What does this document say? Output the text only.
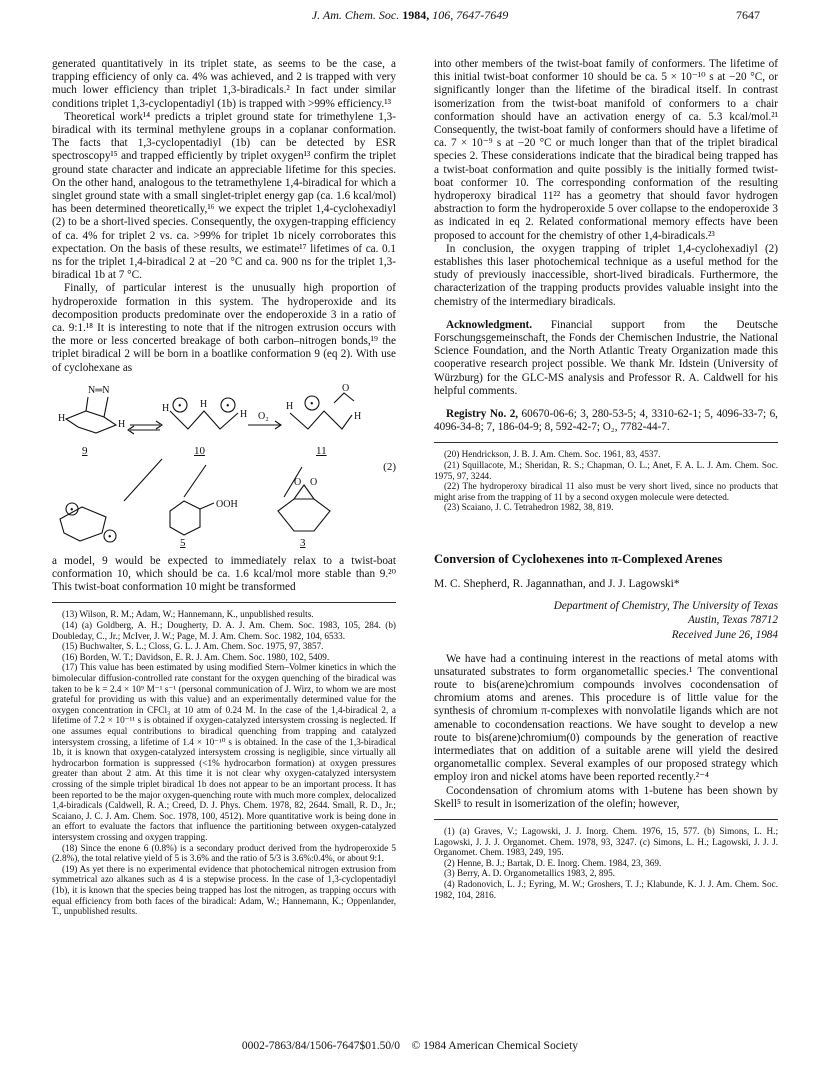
J. Am. Chem. Soc. 1984, 106, 7647-7649	7647

generated quantitatively in its triplet state, as seems to be the case, a trapping efficiency of only ca. 4% was achieved, and 2 is trapped with very much lower efficiency than triplet 1,3-biradicals.² In fact under similar conditions triplet 1,3-cyclopentadiyl (1b) is trapped with >99% efficiency.¹³

Theoretical work¹⁴ predicts a triplet ground state for trimethylene 1,3-biradical with its terminal methylene groups in a coplanar conformation. The facts that 1,3-cyclopentadiyl (1b) can be detected by ESR spectroscopy¹⁵ and trapped efficiently by triplet oxygen¹³ confirm the triplet ground state character and indicate an appreciable lifetime for this species. On the other hand, analogous to the tetramethylene 1,4-biradical for which a singlet ground state with a small singlet-triplet energy gap (ca. 1.6 kcal/mol) has been determined theoretically,¹⁶ we expect the triplet 1,4-cyclohexadiyl (2) to be a short-lived species. Consequently, the oxygen-trapping efficiency of ca. 4% for triplet 2 vs. ca. >99% for triplet 1b nicely corroborates this expectation. On the basis of these results, we estimate¹⁷ lifetimes of ca. 0.1 ns for the triplet 1,4-biradical 2 at −20 °C and ca. 900 ns for the triplet 1,3-biradical 1b at 7 °C.

Finally, of particular interest is the unusually high proportion of hydroperoxide formation in this system. The hydroperoxide and its decomposition products predominate over the endoperoxide 3 in a ratio of ca. 9:1.¹⁸ It is interesting to note that if the nitrogen extrusion occurs with the more or less concerted breakage of both carbon–nitrogen bonds,¹⁹ the triplet biradical 2 will be born in a boatlike conformation 9 (eq 2). With use of cyclohexane as

N═N
H
H
H	H
H
•	•
O₂
H
H
O
•
•
•
OOH
O O
9	10	11
5	3
(2)

a model, 9 would be expected to immediately relax to a twist-boat conformation 10, which should be ca. 1.6 kcal/mol more stable than 9.²⁰ This twist-boat conformation 10 might be transformed

(13) Wilson, R. M.; Adam, W.; Hannemann, K., unpublished results.

(14) (a) Goldberg, A. H.; Dougherty, D. A. J. Am. Chem. Soc. 1983, 105, 284. (b) Doubleday, C., Jr.; McIver, J. W.; Page, M. J. Am. Chem. Soc. 1982, 104, 6533.

(15) Buchwalter, S. L.; Closs, G. L. J. Am. Chem. Soc. 1975, 97, 3857.

(16) Borden, W. T.; Davidson, E. R. J. Am. Chem. Soc. 1980, 102, 5409.

(17) This value has been estimated by using modified Stern–Volmer kinetics in which the bimolecular diffusion-controlled rate constant for the oxygen quenching of the biradical was taken to be k = 2.4 × 10⁹ M⁻¹ s⁻¹ (personal communication of J. Wirz, to whom we are most grateful for providing us with this value) and an experimentally determined value for the oxygen concentration in CFCl₃ at 10 atm of 0.24 M. In the case of the 1,4-biradical 2, a lifetime of 7.2 × 10⁻¹¹ s is obtained if oxygen-catalyzed intersystem crossing is neglected. If one assumes equal contributions to biradical quenching from trapping and catalyzed intersystem crossing, a lifetime of 1.4 × 10⁻¹⁰ s is obtained. In the case of the 1,3-biradical 1b, it is known that oxygen-catalyzed intersystem crossing is negligible, since virtually all hydrocarbon formation is suppressed (<1% hydrocarbon formation) at oxygen pressures greater than about 2 atm. At this time it is not clear why oxygen-catalyzed intersystem crossing of the simple triplet biradical 1b does not appear to be an important process. It has been reported to be the major oxygen-quenching route with much more complex, delocalized 1,4-biradicals (Caldwell, R. A.; Creed, D. J. Phys. Chem. 1978, 82, 2644. Small, R. D., Jr.; Scaiano, J. C. J. Am. Chem. Soc. 1978, 100, 4512). More quantitative work is being done in an effort to evaluate the factors that influence the partitioning between oxygen-catalyzed intersystem crossing and oxygen trapping.

(18) Since the enone 6 (0.8%) is a secondary product derived from the hydroperoxide 5 (2.8%), the total relative yield of 5 is 3.6% and the ratio of 5/3 is 3.6%:0.4%, or about 9:1.

(19) As yet there is no experimental evidence that photochemical nitrogen extrusion from symmetrical azo alkanes such as 4 is a stepwise process. In the case of 1,3-cyclopentadiyl (1b), it is known that the species being trapped has lost the nitrogen, as trapping occurs with equal efficiency from both faces of the biradical: Adam, W.; Hannemann, K.; Oppenlander, T., unpublished results.

into other members of the twist-boat family of conformers. The lifetime of this initial twist-boat conformer 10 should be ca. 5 × 10⁻¹⁰ s at −20 °C, or significantly longer than the lifetime of the biradical itself. In contrast isomerization from the twist-boat manifold of conformers to a chair conformation should have an activation energy of ca. 5.3 kcal/mol.²¹ Consequently, the twist-boat family of conformers should have a lifetime of ca. 7 × 10⁻⁹ s at −20 °C or much longer than that of the triplet biradical species 2. These considerations indicate that the biradical being trapped has a twist-boat conformation and quite possibly is the initially formed twist-boat conformer 10. The corresponding conformation of the resulting hydroperoxy biradical 11²² has a geometry that should favor hydrogen abstraction to form the hydroperoxide 5 over collapse to the endoperoxide 3 as indicated in eq 2. Related conformational memory effects have been proposed to account for the chemistry of other 1,4-biradicals.²³

In conclusion, the oxygen trapping of triplet 1,4-cyclohexadiyl (2) establishes this laser photochemical technique as a useful method for the study of previously inaccessible, short-lived biradicals. Furthermore, the characterization of the trapping products provides valuable insight into the chemistry of the intermediary biradicals.

Acknowledgment. Financial support from the Deutsche Forschungsgemeinschaft, the Fonds der Chemischen Industrie, the National Science Foundation, and the North Atlantic Treaty Organization made this cooperative research project possible. We thank Mr. Idstein (University of Würzburg) for the GLC-MS analysis and Professor R. A. Caldwell for his helpful comments.

Registry No. 2, 60670-06-6; 3, 280-53-5; 4, 3310-62-1; 5, 4096-33-7; 6, 4096-34-8; 7, 186-04-9; 8, 592-42-7; O₂, 7782-44-7.

(20) Hendrickson, J. B. J. Am. Chem. Soc. 1961, 83, 4537.

(21) Squillacote, M.; Sheridan, R. S.; Chapman, O. L.; Anet, F. A. L. J. Am. Chem. Soc. 1975, 97, 3244.

(22) The hydroperoxy biradical 11 also must be very short lived, since no products that might arise from the trapping of 11 by a second oxygen molecule were detected.

(23) Scaiano, J. C. Tetrahedron 1982, 38, 819.

Conversion of Cyclohexenes into π-Complexed Arenes
M. C. Shepherd, R. Jagannathan, and J. J. Lagowski*
Department of Chemistry, The University of Texas
Austin, Texas 78712
Received June 26, 1984

We have had a continuing interest in the reactions of metal atoms with unsaturated substrates to form organometallic species.¹ The conventional route to bis(arene)chromium compounds involves cocondensation of chromium atoms and arenes. This procedure is of little value for the synthesis of chromium π-complexes with nonvolatile ligands which are not amenable to cocondensation reactions. We have sought to develop a new route to bis(arene)chromium(0) compounds by the generation of reactive intermediates that on addition of a suitable arene will yield the desired organometallic complex. Several examples of our proposed strategy which employ iron and nickel atoms have been reported recently.²⁻⁴

Cocondensation of chromium atoms with 1-butene has been shown by Skell⁵ to result in isomerization of the olefin; however,

(1) (a) Graves, V.; Lagowski, J. J. Inorg. Chem. 1976, 15, 577. (b) Simons, L. H.; Lagowski, J. J. J. Organomet. Chem. 1978, 93, 3247. (c) Simons, L. H.; Lagowski, J. J. J. Organomet. Chem. 1983, 249, 195.

(2) Henne, B. J.; Bartak, D. E. Inorg. Chem. 1984, 23, 369.

(3) Berry, A. D. Organometallics 1983, 2, 895.

(4) Radonovich, L. J.; Eyring, M. W.; Groshers, T. J.; Klabunde, K. J. J. Am. Chem. Soc. 1982, 104, 2816.

0002-7863/84/1506-7647$01.50/0 © 1984 American Chemical Society
